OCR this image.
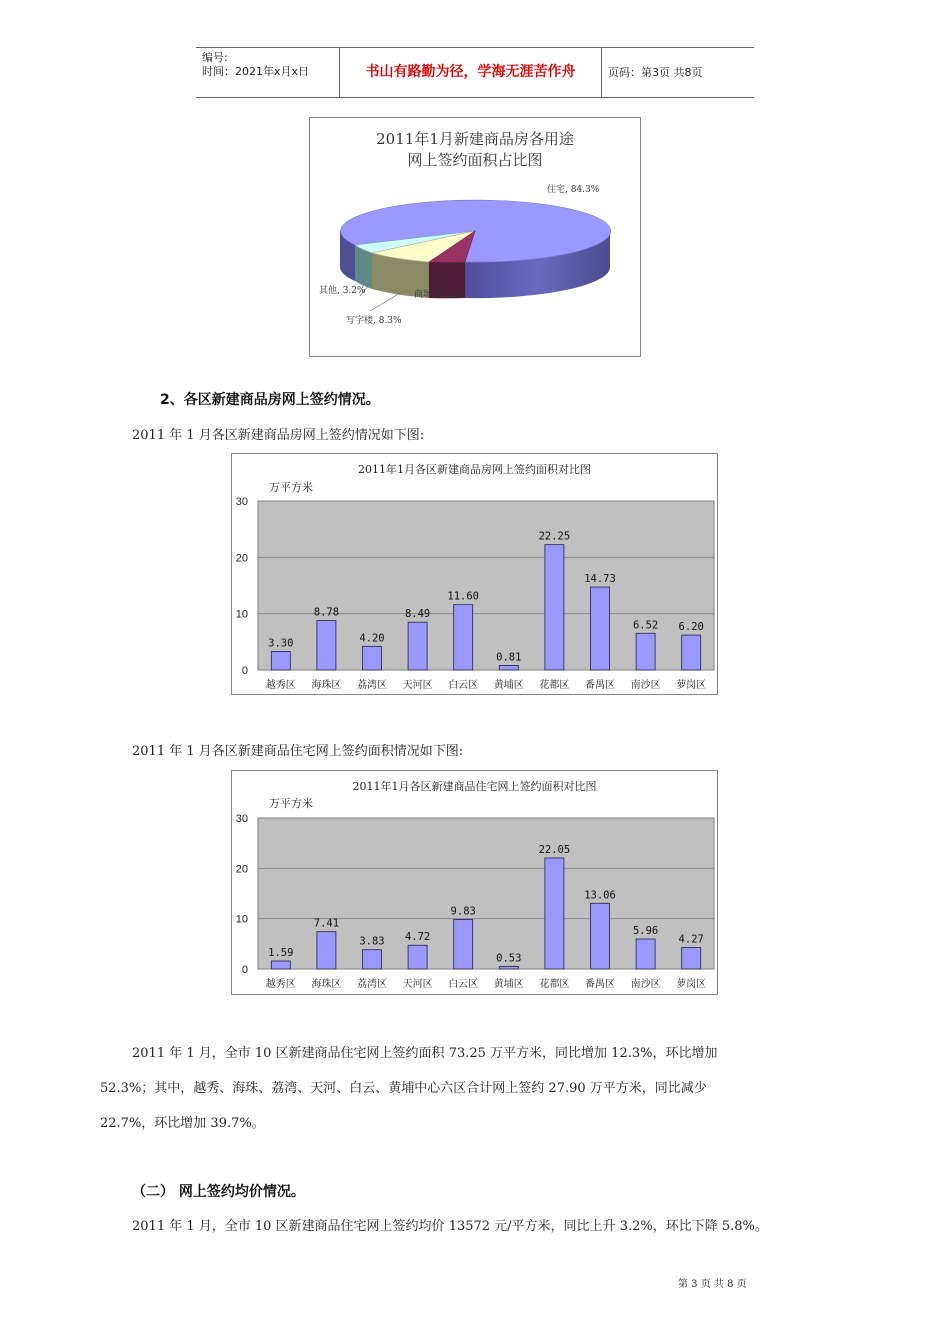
编号:
时间：2021年x月x日	书山有路勤为径，学海无涯苦作舟	页码：第3页 共8页
2011年1月新建商品房各用途
网上签约面积占比图
住宅, 84.3%
其他, 3.2%	商场, 4.2%
写字楼, 8.3%
2、各区新建商品房网上签约情况。
2011 年 1 月各区新建商品房网上签约情况如下图:
2011年1月各区新建商品房网上签约面积对比图
万平方米
0
10
20
30
3.30
越秀区
8.78
海珠区
4.20
荔湾区
8.49
天河区
11.60
白云区
0.81
黄埔区
22.25
花都区
14.73
番禺区
6.52
南沙区
6.20
萝岗区
2011 年 1 月各区新建商品住宅网上签约面积情况如下图:
2011年1月各区新建商品住宅网上签约面积对比图
万平方米
0
10
20
30
1.59
越秀区
7.41
海珠区
3.83
荔湾区
4.72
天河区
9.83
白云区
0.53
黄埔区
22.05
花都区
13.06
番禺区
5.96
南沙区
4.27
萝岗区
2011 年 1 月，全市 10 区新建商品住宅网上签约面积 73.25 万平方米，同比增加 12.3%，环比增加
52.3%；其中，越秀、海珠、荔湾、天河、白云、黄埔中心六区合计网上签约 27.90 万平方米，同比减少
22.7%，环比增加 39.7%。
（二） 网上签约均价情况。
2011 年 1 月，全市 10 区新建商品住宅网上签约均价 13572 元/平方米，同比上升 3.2%，环比下降 5.8%。
第 3 页 共 8 页
